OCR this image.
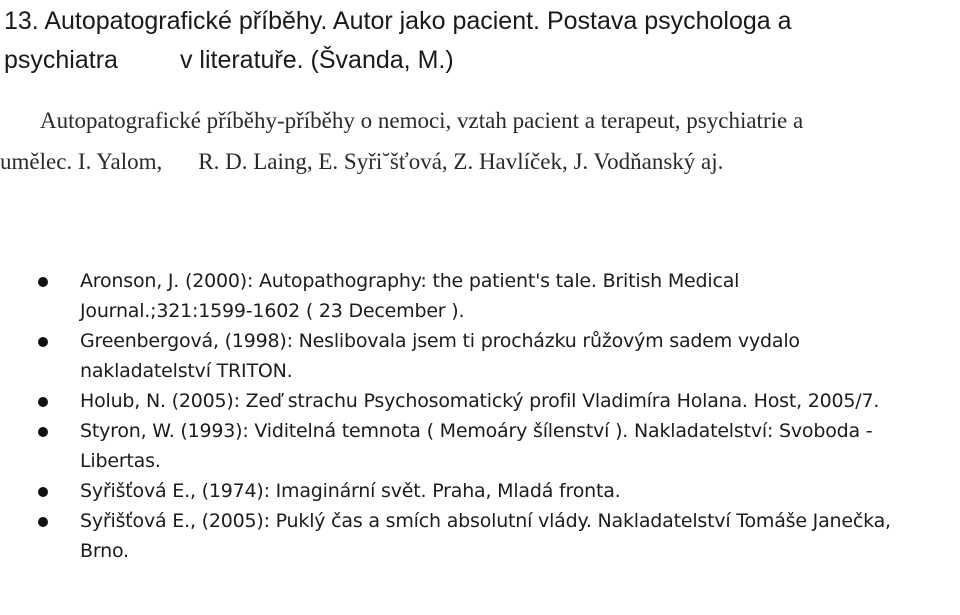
13. Autopatografické příběhy. Autor jako pacient. Postava psychologa a
psychiatra v literatuře. (Švanda, M.)
Autopatografické příběhy-příběhy o nemoci, vztah pacient a terapeut, psychiatrie a
umělec. I. Yalom, R. D. Laing, E. Syři˘šťová, Z. Havlíček, J. Vodňanský aj.
Aronson, J. (2000): Autopathography: the patient's tale. British Medical Journal.;321:1599-1602 ( 23 December ).
Greenbergová, (1998): Neslibovala jsem ti procházku růžovým sadem vydalo nakladatelství TRITON.
Holub, N. (2005): Zeď strachu Psychosomatický profil Vladimíra Holana. Host, 2005/7.
Styron, W. (1993): Viditelná temnota ( Memoáry šílenství ). Nakladatelství: Svoboda - Libertas.
Syřišťová E., (1974): Imaginární svět. Praha, Mladá fronta.
Syřišťová E., (2005): Puklý čas a smích absolutní vlády. Nakladatelství Tomáše Janečka, Brno.
